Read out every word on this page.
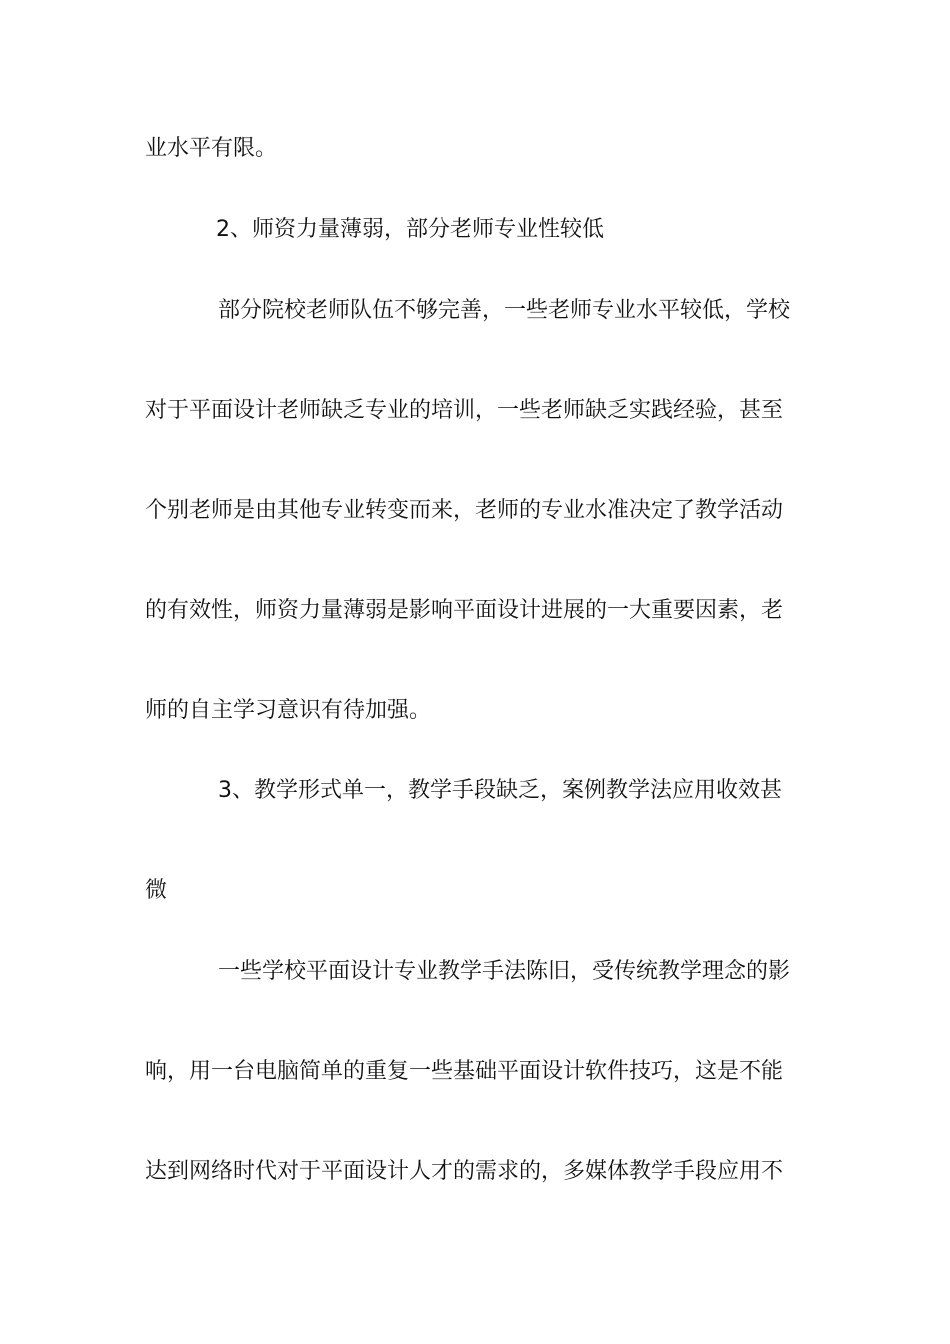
业水平有限。
2、师资力量薄弱，部分老师专业性较低
部分院校老师队伍不够完善，一些老师专业水平较低，学校
对于平面设计老师缺乏专业的培训，一些老师缺乏实践经验，甚至
个别老师是由其他专业转变而来，老师的专业水准决定了教学活动
的有效性，师资力量薄弱是影响平面设计进展的一大重要因素，老
师的自主学习意识有待加强。
3、教学形式单一，教学手段缺乏，案例教学法应用收效甚
微
一些学校平面设计专业教学手法陈旧，受传统教学理念的影
响，用一台电脑简单的重复一些基础平面设计软件技巧，这是不能
达到网络时代对于平面设计人才的需求的，多媒体教学手段应用不
